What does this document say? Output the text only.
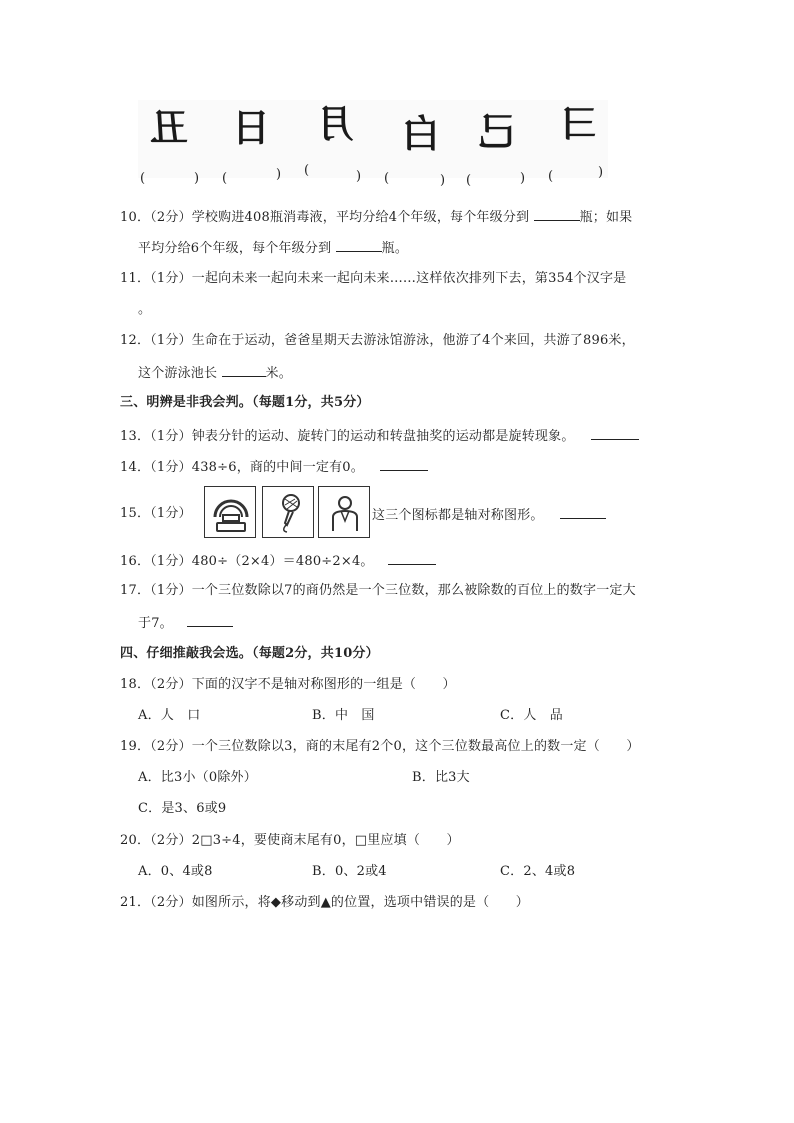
丑 日 月 白 己 彐
(	) (	) (	) (	) (	) (	)
10．（2分）学校购进408瓶消毒液，平均分给4个年级，每个年级分到	瓶；如果
平均分给6个年级，每个年级分到	瓶。
11．（1分）一起向未来一起向未来一起向未来……这样依次排列下去，第354个汉字是
。
12．（1分）生命在于运动，爸爸星期天去游泳馆游泳，他游了4个来回，共游了896米，
这个游泳池长	米。
三、明辨是非我会判。（每题1分，共5分）
13．（1分）钟表分针的运动、旋转门的运动和转盘抽奖的运动都是旋转现象。
14．（1分）438÷6，商的中间一定有0。
15．（1分）	这三个图标都是轴对称图形。
16．（1分）480÷（2×4）＝480÷2×4。
17．（1分）一个三位数除以7的商仍然是一个三位数，那么被除数的百位上的数字一定大
于7。
四、仔细推敲我会选。（每题2分，共10分）
18．（2分）下面的汉字不是轴对称图形的一组是（　　）
A．人　口	B．中　国	C．人　品
19．（2分）一个三位数除以3，商的末尾有2个0，这个三位数最高位上的数一定（　　）
A．比3小（0除外）	B．比3大
C．是3、6或9
20．（2分）2□3÷4，要使商末尾有0，□里应填（　　）
A．0、4或8	B．0、2或4	C．2、4或8
21．（2分）如图所示，将◆移动到▲的位置，选项中错误的是（　　）
